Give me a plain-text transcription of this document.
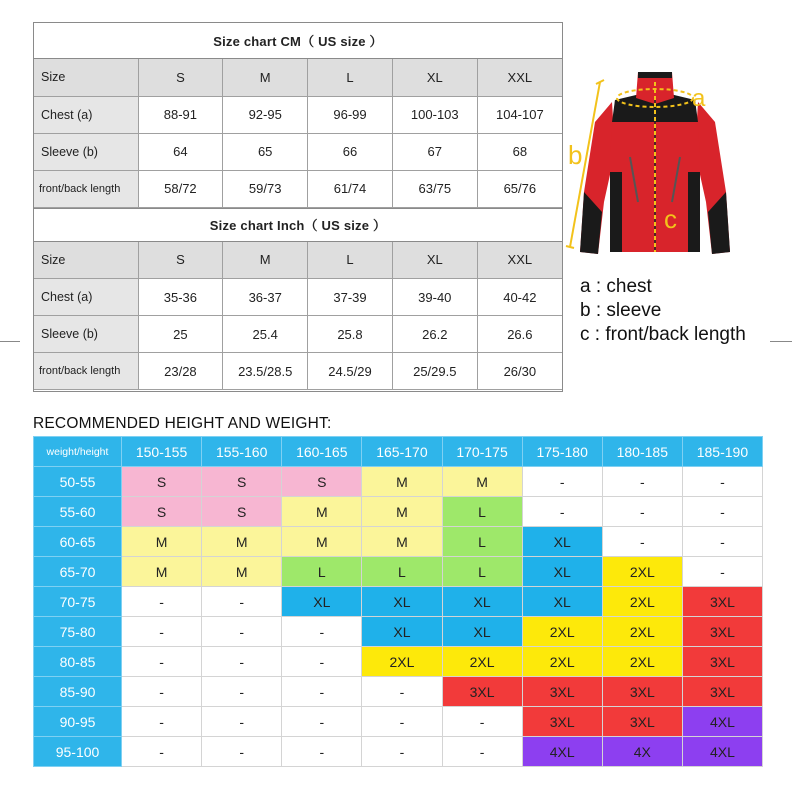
Size chart CM（ US size ）
Size	S	M	L	XL	XXL
Chest (a)	88-91	92-95	96-99	100-103	104-107
Sleeve (b)	64	65	66	67	68
front/back length	58/72	59/73	61/74	63/75	65/76
Size chart Inch（ US size ）
Size	S	M	L	XL	XXL
Chest (a)	35-36	36-37	37-39	39-40	40-42
Sleeve (b)	25	25.4	25.8	26.2	26.6
front/back length	23/28	23.5/28.5	24.5/29	25/29.5	26/30
a
b
c
a : chest
b : sleeve
c : front/back length
RECOMMENDED HEIGHT AND WEIGHT:
weight/height	150-155	155-160	160-165	165-170	170-175	175-180	180-185	185-190
50-55	S	S	S	M	M	-	-	-
55-60	S	S	M	M	L	-	-	-
60-65	M	M	M	M	L	XL	-	-
65-70	M	M	L	L	L	XL	2XL	-
70-75	-	-	XL	XL	XL	XL	2XL	3XL
75-80	-	-	-	XL	XL	2XL	2XL	3XL
80-85	-	-	-	2XL	2XL	2XL	2XL	3XL
85-90	-	-	-	-	3XL	3XL	3XL	3XL
90-95	-	-	-	-	-	3XL	3XL	4XL
95-100	-	-	-	-	-	4XL	4X	4XL
